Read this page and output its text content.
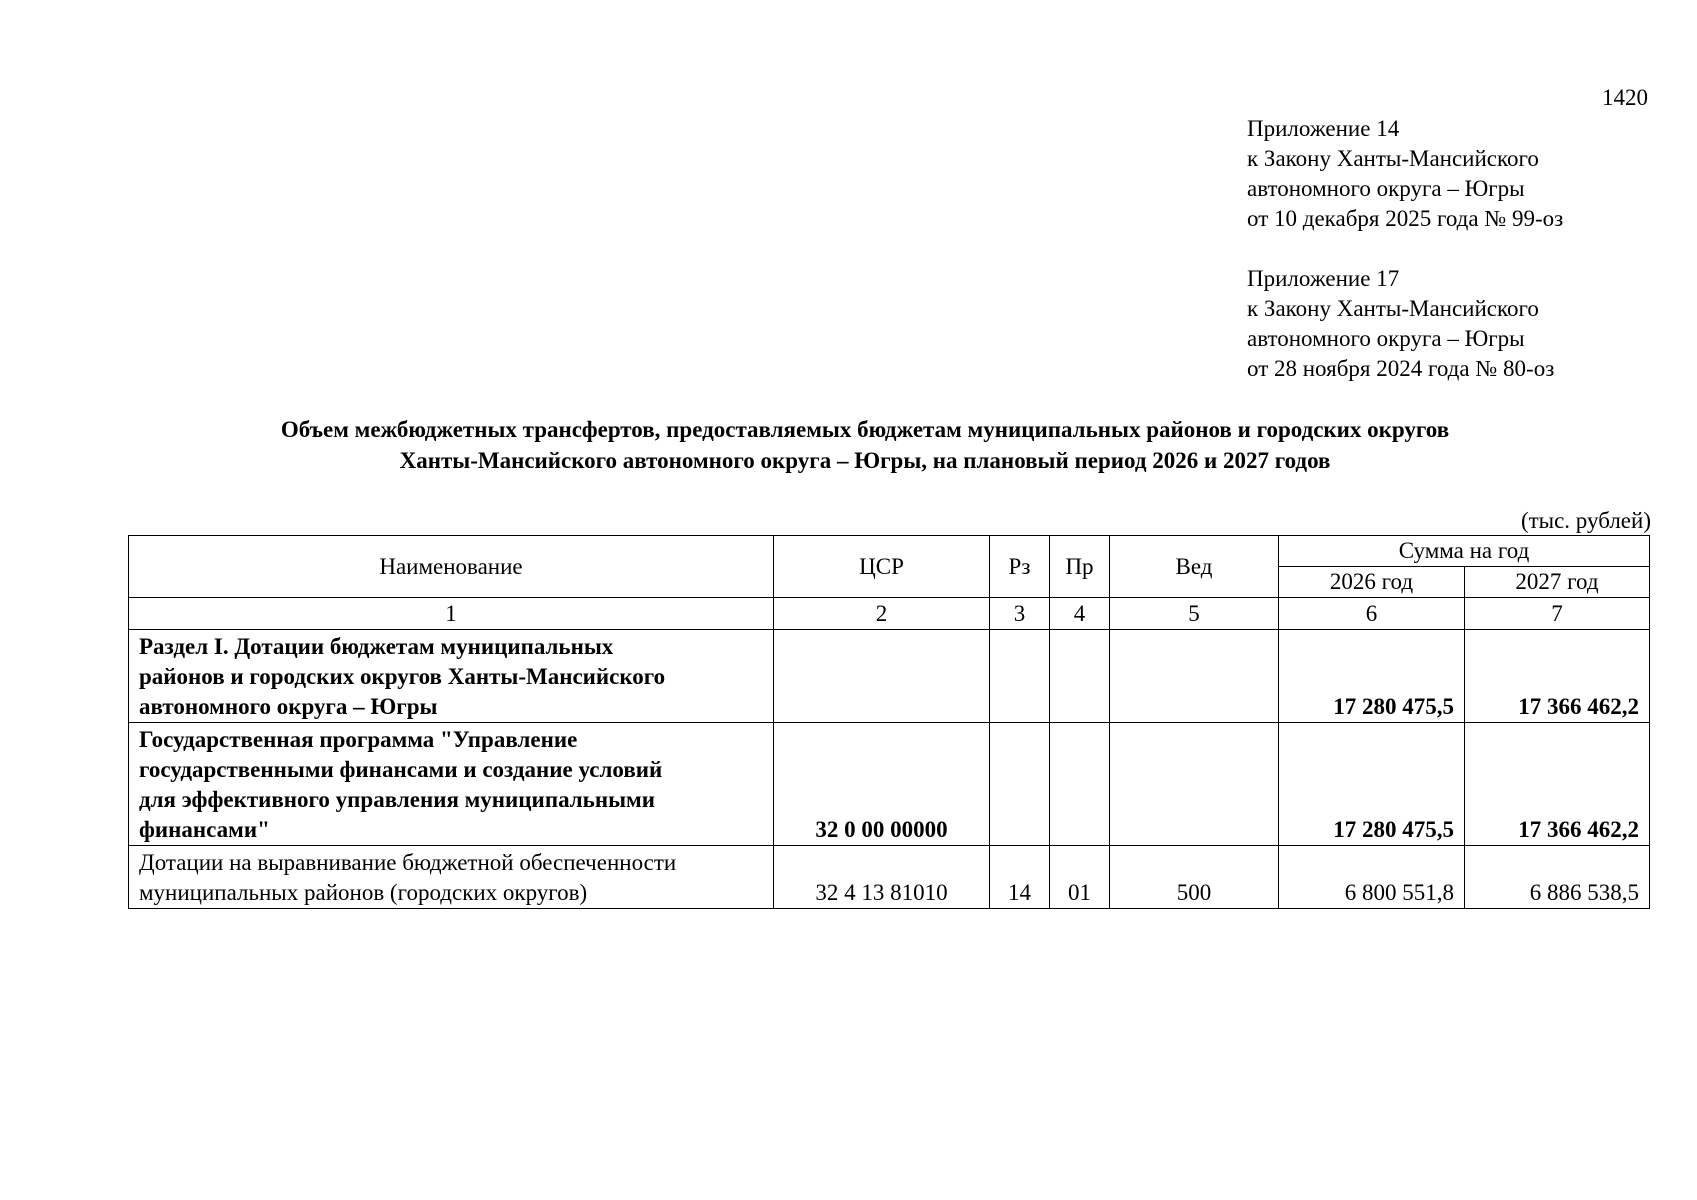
1420
Приложение 14
к Закону Ханты-Мансийского
автономного округа – Югры
от 10 декабря 2025 года № 99-оз
Приложение 17
к Закону Ханты-Мансийского
автономного округа – Югры
от 28 ноября 2024 года № 80-оз
Объем межбюджетных трансфертов, предоставляемых бюджетам муниципальных районов и городских округов
Ханты-Мансийского автономного округа – Югры, на плановый период 2026 и 2027 годов
(тыс. рублей)
Наименование	ЦСР	Рз	Пр	Вед	Сумма на год	
					2026 год	2027 год
1	2	3	4	5	6	7

Раздел I. Дотации бюджетам муниципальных
районов и городских округов Ханты-Мансийского
автономного округа – Югры					17 280 475,5	17 366 462,2

Государственная программа "Управление
государственными финансами и создание условий
для эффективного управления муниципальными
финансами"	32 0 00 00000				17 280 475,5	17 366 462,2

Дотации на выравнивание бюджетной обеспеченности
муниципальных районов (городских округов)	32 4 13 81010	14	01	500	6 800 551,8	6 886 538,5
